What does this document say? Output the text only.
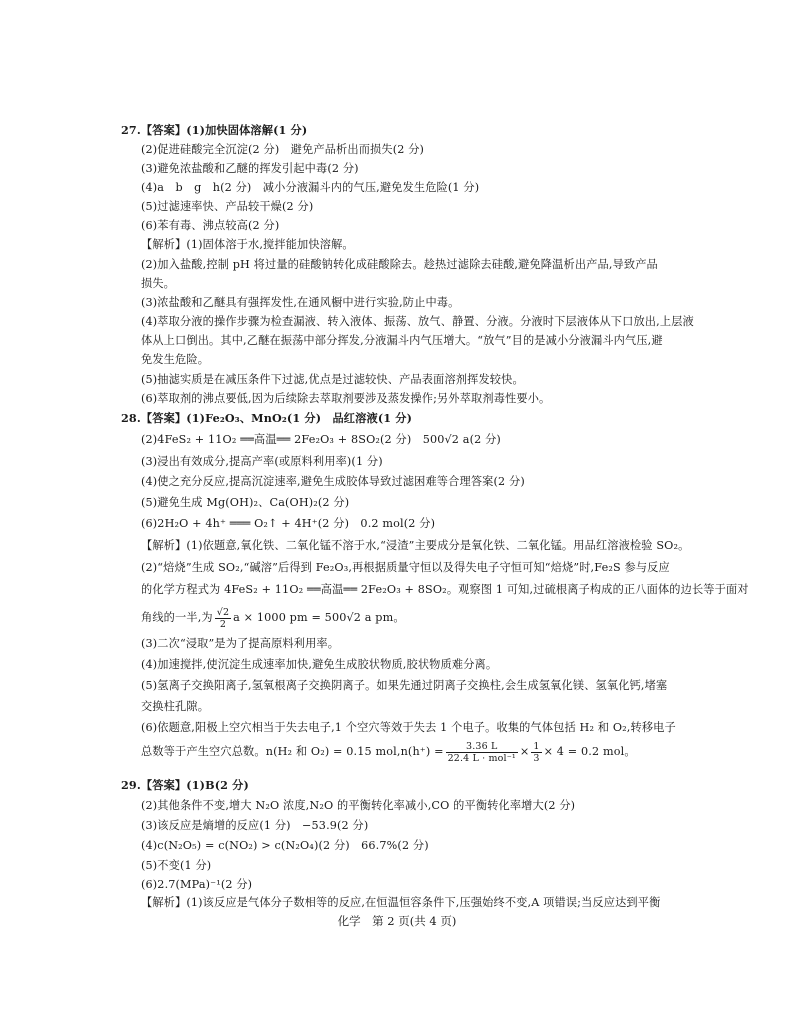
27.【答案】(1)加快固体溶解(1 分)
(2)促进硅酸完全沉淀(2 分)　避免产品析出而损失(2 分)
(3)避免浓盐酸和乙醚的挥发引起中毒(2 分)
(4)a　b　g　h(2 分)　减小分液漏斗内的气压,避免发生危险(1 分)
(5)过滤速率快、产品较干燥(2 分)
(6)苯有毒、沸点较高(2 分)
【解析】(1)固体溶于水,搅拌能加快溶解。
(2)加入盐酸,控制 pH 将过量的硅酸钠转化成硅酸除去。趁热过滤除去硅酸,避免降温析出产品,导致产品
损失。
(3)浓盐酸和乙醚具有强挥发性,在通风橱中进行实验,防止中毒。
(4)萃取分液的操作步骤为检查漏液、转入液体、振荡、放气、静置、分液。分液时下层液体从下口放出,上层液
体从上口倒出。其中,乙醚在振荡中部分挥发,分液漏斗内气压增大。“放气”目的是减小分液漏斗内气压,避
免发生危险。
(5)抽滤实质是在减压条件下过滤,优点是过滤较快、产品表面溶剂挥发较快。
(6)萃取剂的沸点要低,因为后续除去萃取剂要涉及蒸发操作;另外萃取剂毒性要小。
28.【答案】(1)Fe₂O₃、MnO₂(1 分)　品红溶液(1 分)
(2)4FeS₂ + 11O₂ ══高温══ 2Fe₂O₃ + 8SO₂(2 分)　500√2 a(2 分)
(3)浸出有效成分,提高产率(或原料利用率)(1 分)
(4)使之充分反应,提高沉淀速率,避免生成胶体导致过滤困难等合理答案(2 分)
(5)避免生成 Mg(OH)₂、Ca(OH)₂(2 分)
(6)2H₂O + 4h⁺ ═══ O₂↑ + 4H⁺(2 分)　0.2 mol(2 分)
【解析】(1)依题意,氧化铁、二氧化锰不溶于水,“浸渣”主要成分是氧化铁、二氧化锰。用品红溶液检验 SO₂。
(2)“焙烧”生成 SO₂,“碱溶”后得到 Fe₂O₃,再根据质量守恒以及得失电子守恒可知“焙烧”时,Fe₂S 参与反应
的化学方程式为 4FeS₂ + 11O₂ ══高温══ 2Fe₂O₃ + 8SO₂。观察图 1 可知,过硫根离子构成的正八面体的边长等于面对
角线的一半,为 $\frac{√2}{2}$ a × 1000 pm = 500√2 a pm。
(3)二次“浸取”是为了提高原料利用率。
(4)加速搅拌,使沉淀生成速率加快,避免生成胶状物质,胶状物质难分离。
(5)氢离子交换阳离子,氢氧根离子交换阴离子。如果先通过阴离子交换柱,会生成氢氧化镁、氢氧化钙,堵塞
交换柱孔隙。
(6)依题意,阳极上空穴相当于失去电子,1 个空穴等效于失去 1 个电子。收集的气体包括 H₂ 和 O₂,转移电子
总数等于产生空穴总数。n(H₂ 和 O₂) = 0.15 $mol,n(h^+) = \frac{3.36 L}{\text{22.4 L · mol⁻¹}} \times \frac{1}{3} \times 4 = 0.2$ mol。
29.【答案】(1)B(2 分)
(2)其他条件不变,增大 N₂O 浓度,N₂O 的平衡转化率减小,CO 的平衡转化率增大(2 分)
(3)该反应是熵增的反应(1 分)　−53.9(2 分)
(4)c(N₂O₅) = c(NO₂) > c(N₂O₄)(2 分)　66.7%(2 分)
(5)不变(1 分)
(6)2.7(MPa)⁻¹(2 分)
【解析】(1)该反应是气体分子数相等的反应,在恒温恒容条件下,压强始终不变,A 项错误;当反应达到平衡
化学　第 2 页(共 4 页)
